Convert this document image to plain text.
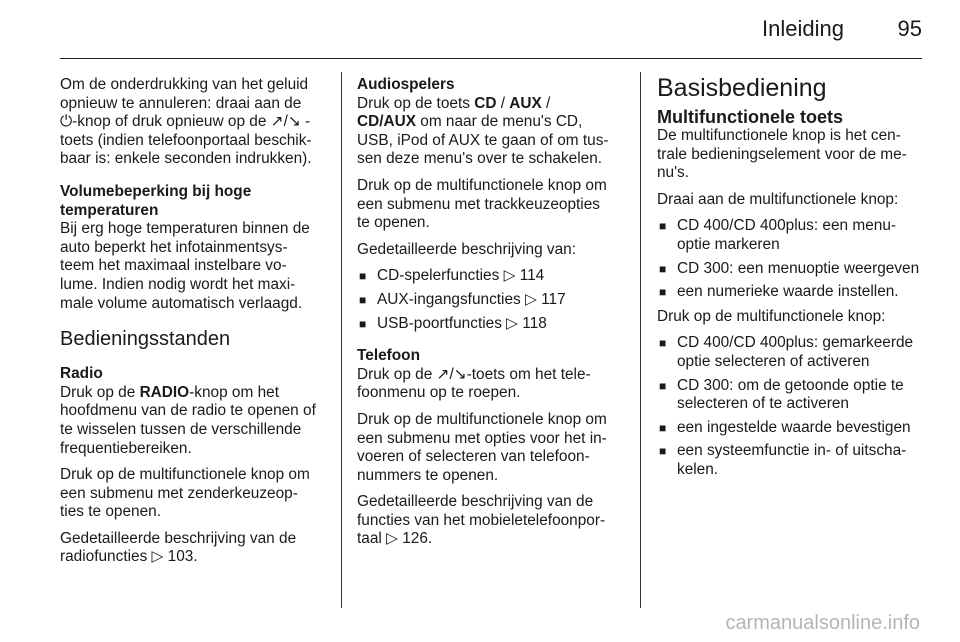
Inleiding 95

Om de onderdrukking van het geluid
opnieuw te annuleren: draai aan de
⏻-knop of druk opnieuw op de ↗/↘ -
toets (indien telefoonportaal beschik-
baar is: enkele seconden indrukken).

Volumebeperking bij hoge
temperaturen
Bij erg hoge temperaturen binnen de
auto beperkt het infotainmentsys-
teem het maximaal instelbare vo-
lume. Indien nodig wordt het maxi-
male volume automatisch verlaagd.

Bedieningsstanden

Radio
Druk op de RADIO-knop om het
hoofdmenu van de radio te openen of
te wisselen tussen de verschillende
frequentiebereiken.

Druk op de multifunctionele knop om
een submenu met zenderkeuzeop-
ties te openen.

Gedetailleerde beschrijving van de
radiofuncties ▷ 103.

Audiospelers
Druk op de toets CD / AUX /
CD/AUX om naar de menu's CD,
USB, iPod of AUX te gaan of om tus-
sen deze menu's over te schakelen.

Druk op de multifunctionele knop om
een submenu met trackkeuzeopties
te openen.

Gedetailleerde beschrijving van:

■ CD-spelerfuncties ▷ 114
■ AUX-ingangsfuncties ▷ 117
■ USB-poortfuncties ▷ 118

Telefoon
Druk op de ↗/↘-toets om het tele-
foonmenu op te roepen.

Druk op de multifunctionele knop om
een submenu met opties voor het in-
voeren of selecteren van telefoon-
nummers te openen.

Gedetailleerde beschrijving van de
functies van het mobieletelefoonpor-
taal ▷ 126.

Basisbediening

Multifunctionele toets
De multifunctionele knop is het cen-
trale bedieningselement voor de me-
nu's.

Draai aan de multifunctionele knop:

■ CD 400/CD 400plus: een menu-
optie markeren
■ CD 300: een menuoptie weergeven
■ een numerieke waarde instellen.

Druk op de multifunctionele knop:

■ CD 400/CD 400plus: gemarkeerde
optie selecteren of activeren
■ CD 300: om de getoonde optie te
selecteren of te activeren
■ een ingestelde waarde bevestigen
■ een systeemfunctie in- of uitscha-
kelen.
carmanualsonline.info
